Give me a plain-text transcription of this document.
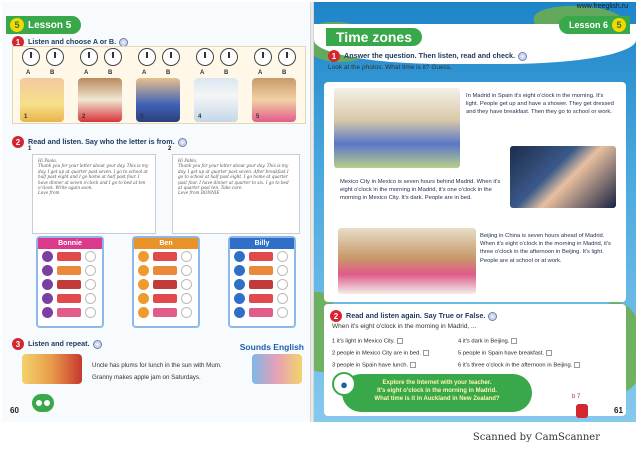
5 Lesson 5
1 Listen and choose A or B.
A	B	A	B	A	B	A	B	A	B
1	2	3	4	5
2 Read and listen. Say who the letter is from.
1
Hi Paola,
Thank you for your letter about your day. This is my day. I get up at quarter past seven. I go to school at half past eight and I go home at half past four. I have dinner at seven o'clock and I go to bed at ten o'clock. Write again soon.
Love from
2
Hi Pablo,
Thank you for your letter about your day. This is my day. I get up at quarter past seven. After breakfast I go to school at half past eight. I go home at quarter past four. I have dinner at quarter to six. I go to bed at quarter past ten. Take care.
Love from BONNIE
Bonnie	Ben	Billy
3 Listen and repeat.	Sounds English
Uncle has plums for lunch in the sun with Mum.
Granny makes apple jam on Saturdays.
60
www.freeglish.ru
Time zones
Lesson 6 5
1 Answer the question. Then listen, read and check.
Look at the photos. What time is it? Guess.
In Madrid in Spain it's eight o'clock in the morning. It's light. People get up and have a shower. They get dressed and they have breakfast. Then they go to school or work.
Mexico City in Mexico is seven hours behind Madrid. When it's eight o'clock in the morning in Madrid, it's one o'clock in the morning in Mexico City. It's dark. People are in bed.
Beijing in China is seven hours ahead of Madrid. When it's eight o'clock in the morning in Madrid, it's three o'clock in the afternoon in Beijing. It's light. People are at school or at work.
2 Read and listen again. Say True or False.
When it's eight o'clock in the morning in Madrid, ...
1 it's light in Mexico City.
2 people in Mexico City are in bed.
3 people in Spain have lunch.
4 it's dark in Beijing.
5 people in Spain have breakfast.
6 it's three o'clock in the afternoon in Beijing.
Explore the Internet with your teacher.
It's eight o'clock in the morning in Madrid.
What time is it in Auckland in New Zealand?
●
b 7
61
Scanned by CamScanner
